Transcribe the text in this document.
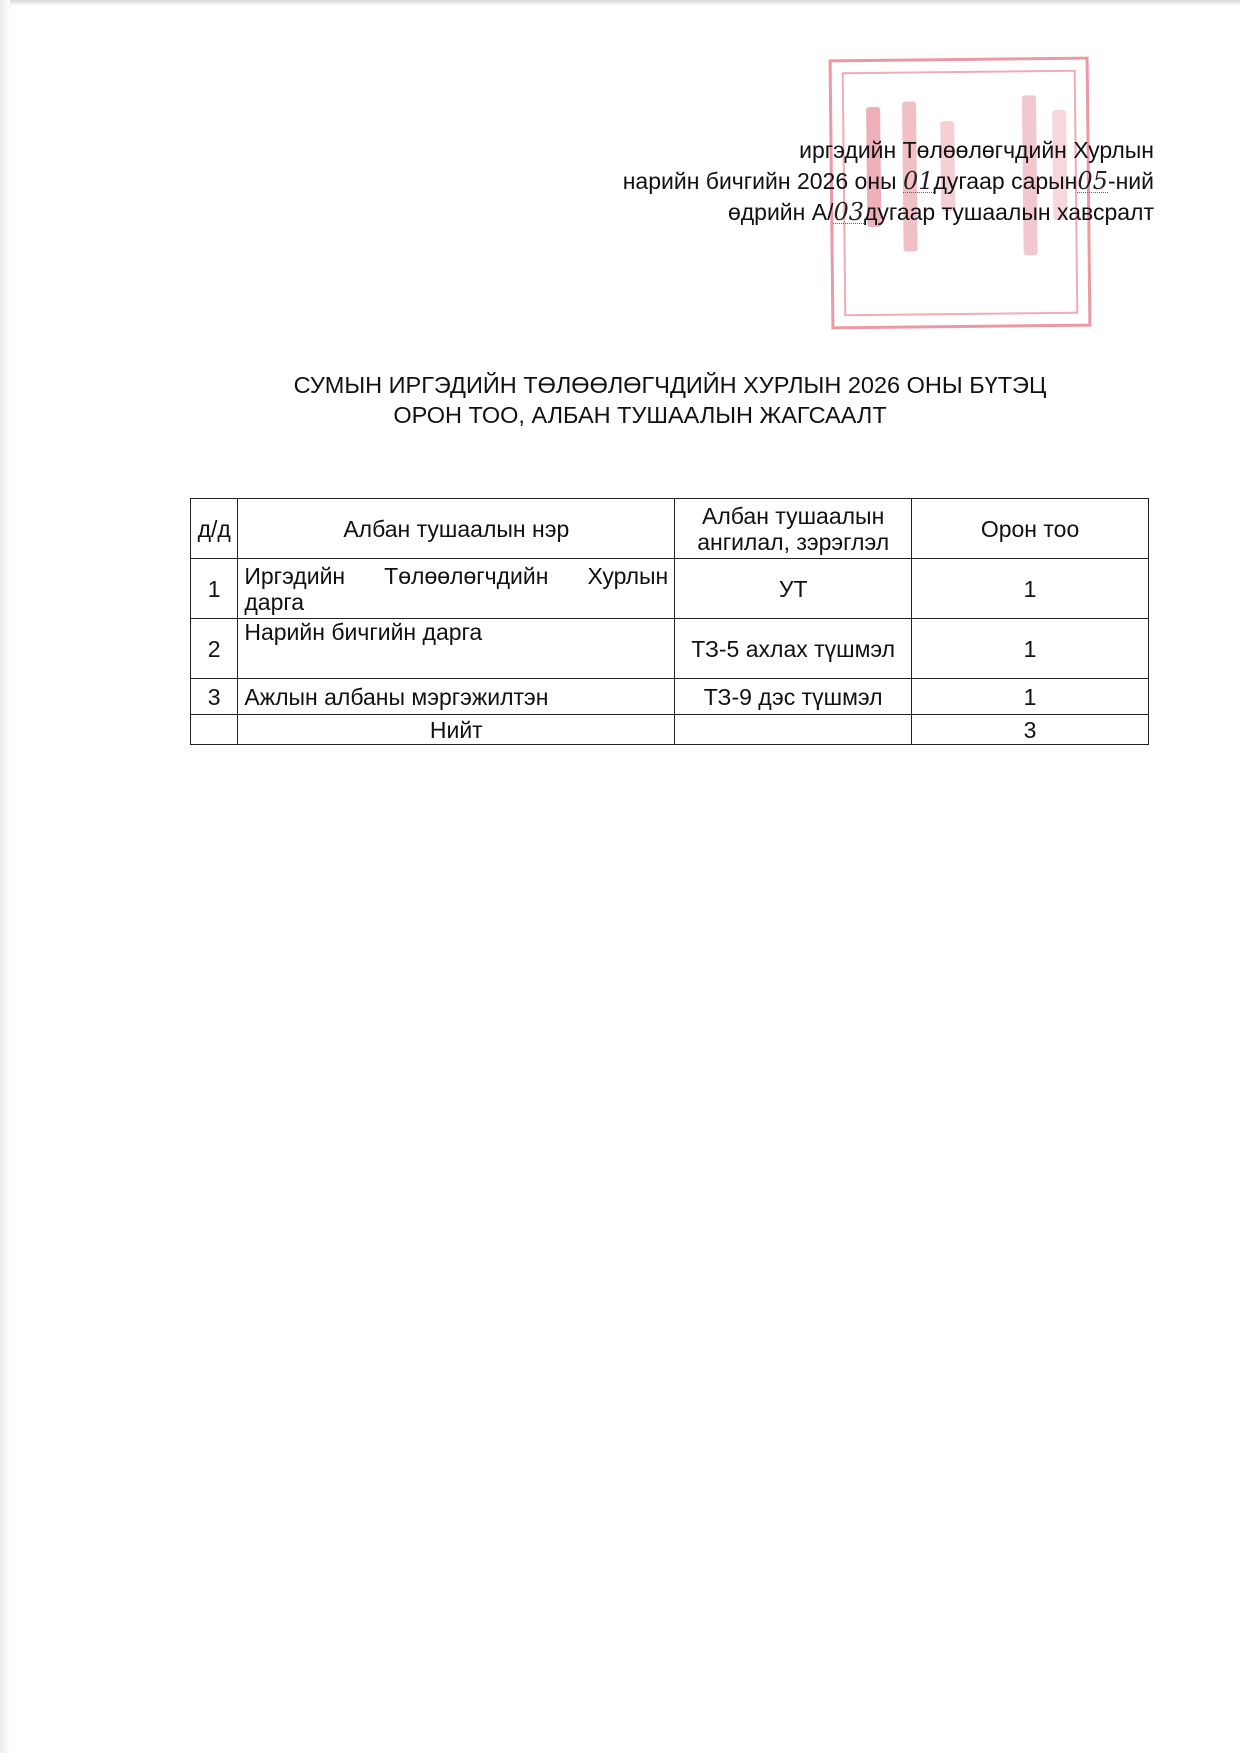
иргэдийн Төлөөлөгчдийн Хурлын
нарийн бичгийн 2026 оны 01дугаар сарын05-ний
өдрийн А/03дугаар тушаалын хавсралт
СУМЫН ИРГЭДИЙН ТӨЛӨӨЛӨГЧДИЙН ХУРЛЫН 2026 ОНЫ БҮТЭЦ
ОРОН ТОО, АЛБАН ТУШААЛЫН ЖАГСААЛТ
д/д	Албан тушаалын нэр	Албан тушаалын ангилал, зэрэглэл	Орон тоо
1	Иргэдийн Төлөөлөгчдийн Хурлын дарга	УТ	1
2	Нарийн бичгийн дарга	ТЗ-5 ахлах түшмэл	1
3	Ажлын албаны мэргэжилтэн	ТЗ-9 дэс түшмэл	1
	Нийт		3
